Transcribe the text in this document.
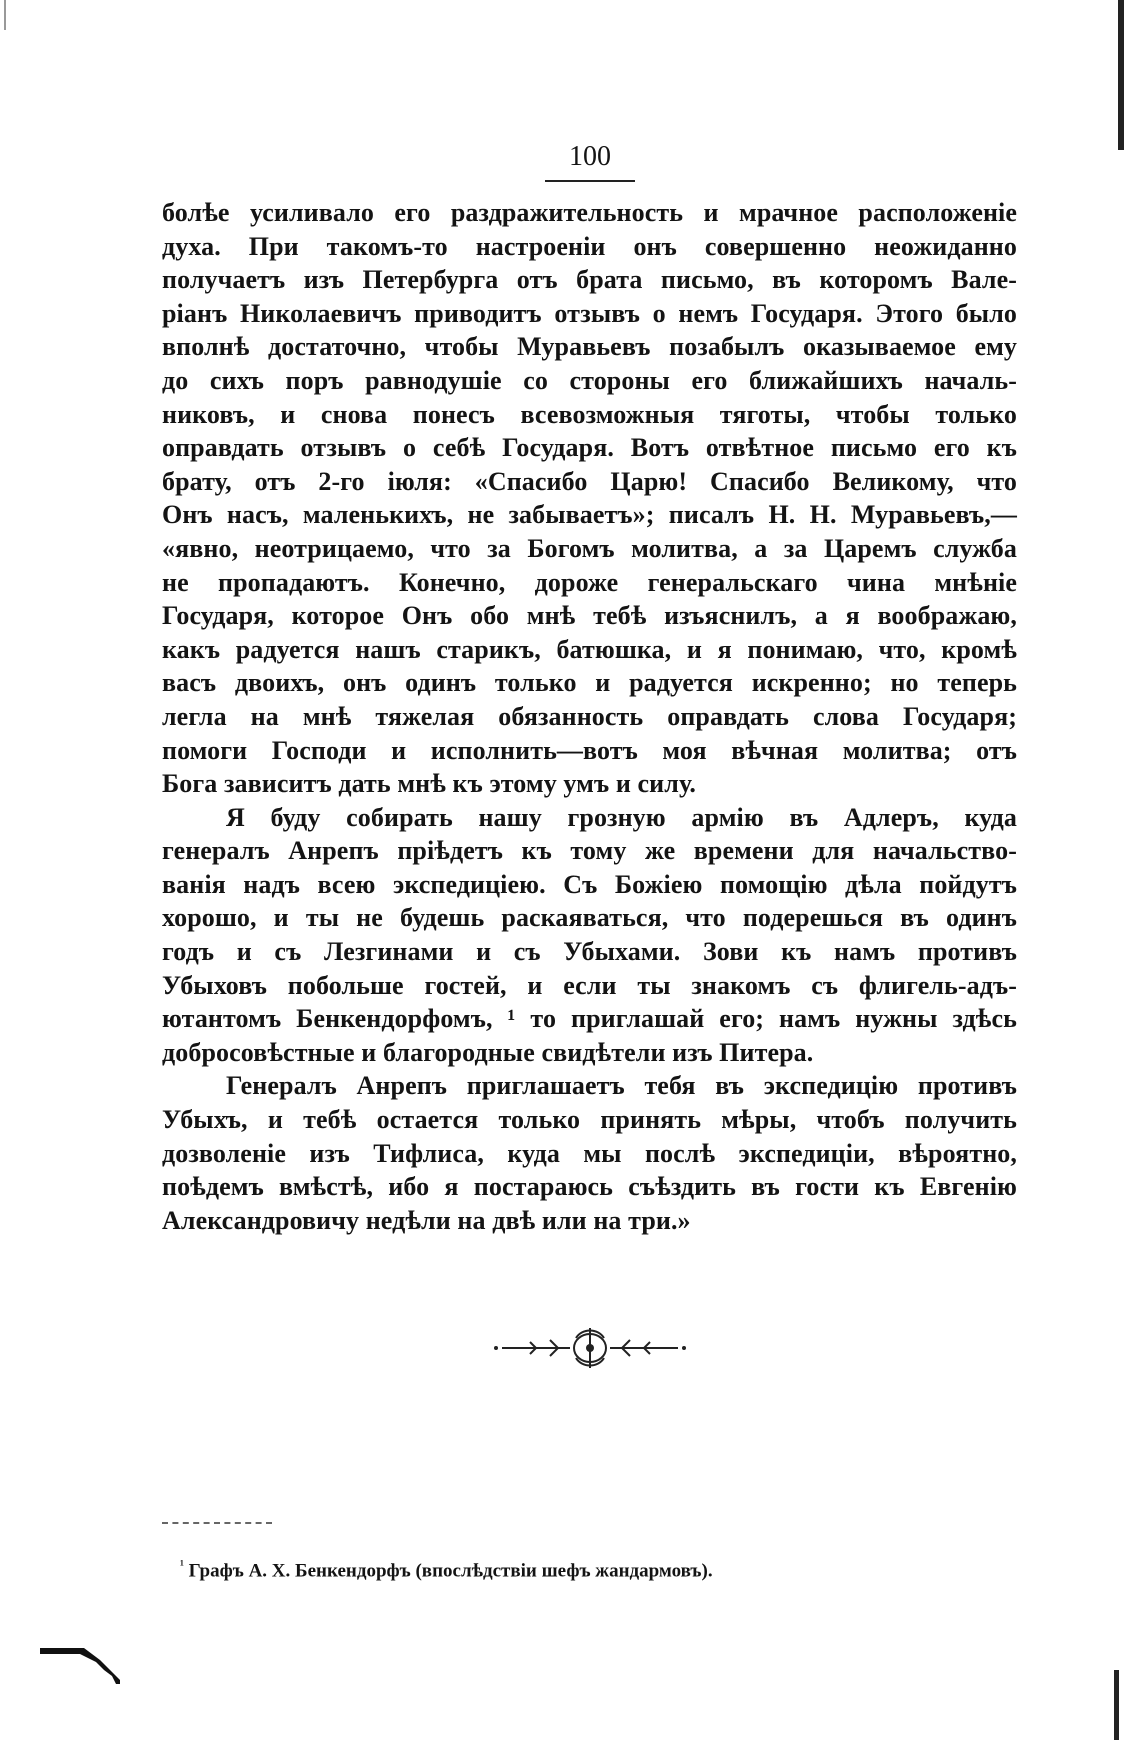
100
болѣе усиливало его раздражительность и мрачное расположеніе
духа. При такомъ-то настроеніи онъ совершенно неожиданно
получаетъ изъ Петербурга отъ брата письмо, въ которомъ Вале-
ріанъ Николаевичъ приводитъ отзывъ о немъ Государя. Этого было
вполнѣ достаточно, чтобы Муравьевъ позабылъ оказываемое ему
до сихъ поръ равнодушіе со стороны его ближайшихъ началь-
никовъ, и снова понесъ всевозможныя тяготы, чтобы только
оправдать отзывъ о себѣ Государя. Вотъ отвѣтное письмо его къ
брату, отъ 2-го іюля: «Спасибо Царю! Спасибо Великому, что
Онъ насъ, маленькихъ, не забываетъ»; писалъ Н. Н. Муравьевъ,—
«явно, неотрицаемо, что за Богомъ молитва, а за Царемъ служба
не пропадаютъ. Конечно, дороже генеральскаго чина мнѣніе
Государя, которое Онъ обо мнѣ тебѣ изъяснилъ, а я воображаю,
какъ радуется нашъ старикъ, батюшка, и я понимаю, что, кромѣ
васъ двоихъ, онъ одинъ только и радуется искренно; но теперь
легла на мнѣ тяжелая обязанность оправдать слова Государя;
помоги Господи и исполнить—вотъ моя вѣчная молитва; отъ
Бога зависитъ дать мнѣ къ этому умъ и силу.
Я буду собирать нашу грозную армію въ Адлеръ, куда
генералъ Анрепъ пріѣдетъ къ тому же времени для начальство-
ванія надъ всею экспедиціею. Съ Божіею помощію дѣла пойдутъ
хорошо, и ты не будешь раскаяваться, что подерешься въ одинъ
годъ и съ Лезгинами и съ Убыхами. Зови къ намъ противъ
Убыховъ побольше гостей, и если ты знакомъ съ флигель-адъ-
ютантомъ Бенкендорфомъ, ¹ то приглашай его; намъ нужны здѣсь
добросовѣстные и благородные свидѣтели изъ Питера.
Генералъ Анрепъ приглашаетъ тебя въ экспедицію противъ
Убыхъ, и тебѣ остается только принять мѣры, чтобъ получить
дозволеніе изъ Тифлиса, куда мы послѣ экспедиціи, вѣроятно,
поѣдемъ вмѣстѣ, ибо я постараюсь съѣздить въ гости къ Евгенію
Александровичу недѣли на двѣ или на три.»
$^{^1}$ Графъ А. Х. Бенкендорфъ (впослѣдствіи шефъ жандармовъ).
